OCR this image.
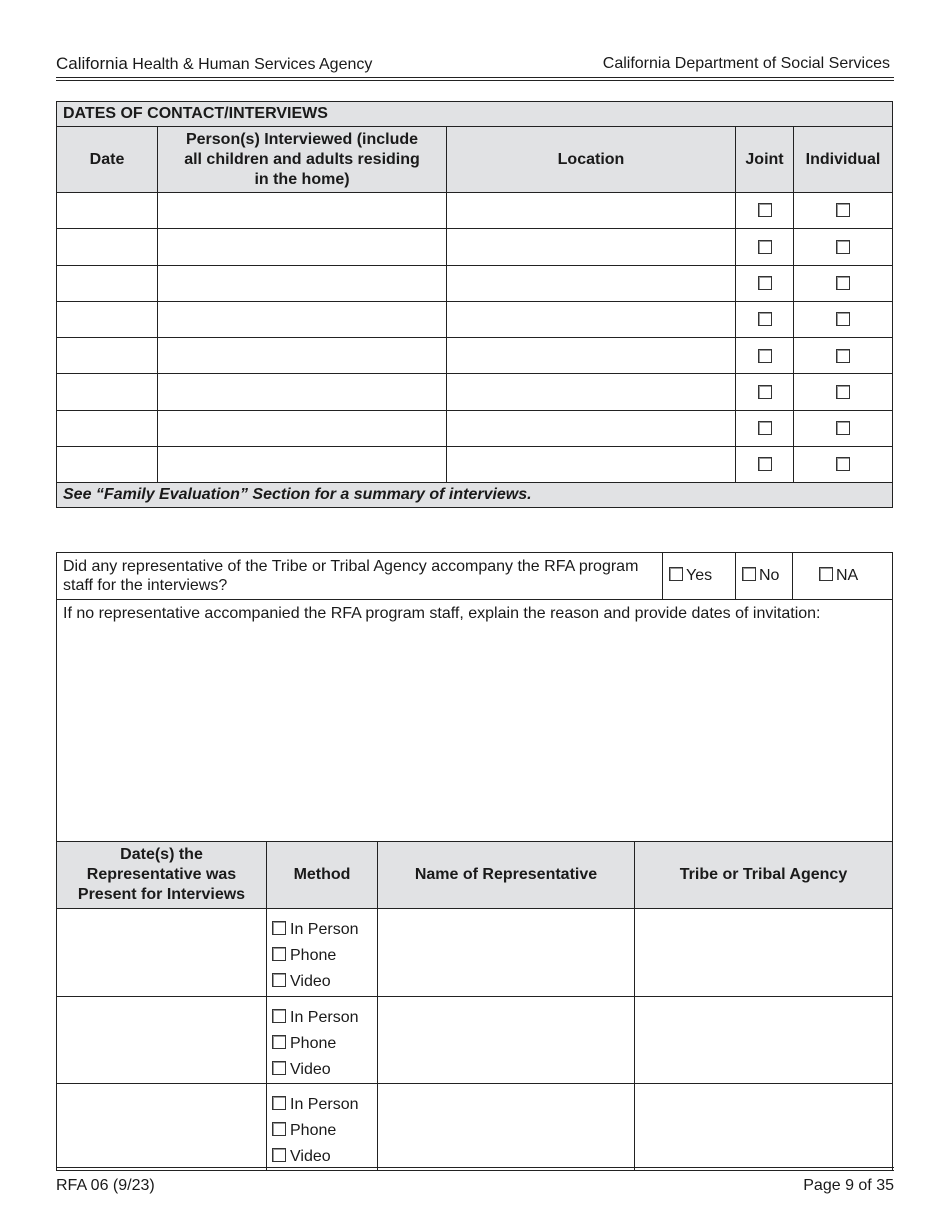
California Health & Human Services Agency	California Department of Social Services
DATES OF CONTACT/INTERVIEWS				
Date	Person(s) Interviewed (include all children and adults residing in the home)	Location	Joint	Individual

See “Family Evaluation” Section for a summary of interviews.				
Did any representative of the Tribe or Tribal Agency accompany the RFA program staff for the interviews?	Yes	No	NA

If no representative accompanied the RFA program staff, explain the reason and provide dates of invitation:
Date(s) the Representative was Present for Interviews	Method	Name of Representative	Tribe or Tribal Agency

	In Person
Phone
Video		

	In Person
Phone
Video		

	In Person
Phone
Video		

RFA 06 (9/23)	Page 9 of 35
